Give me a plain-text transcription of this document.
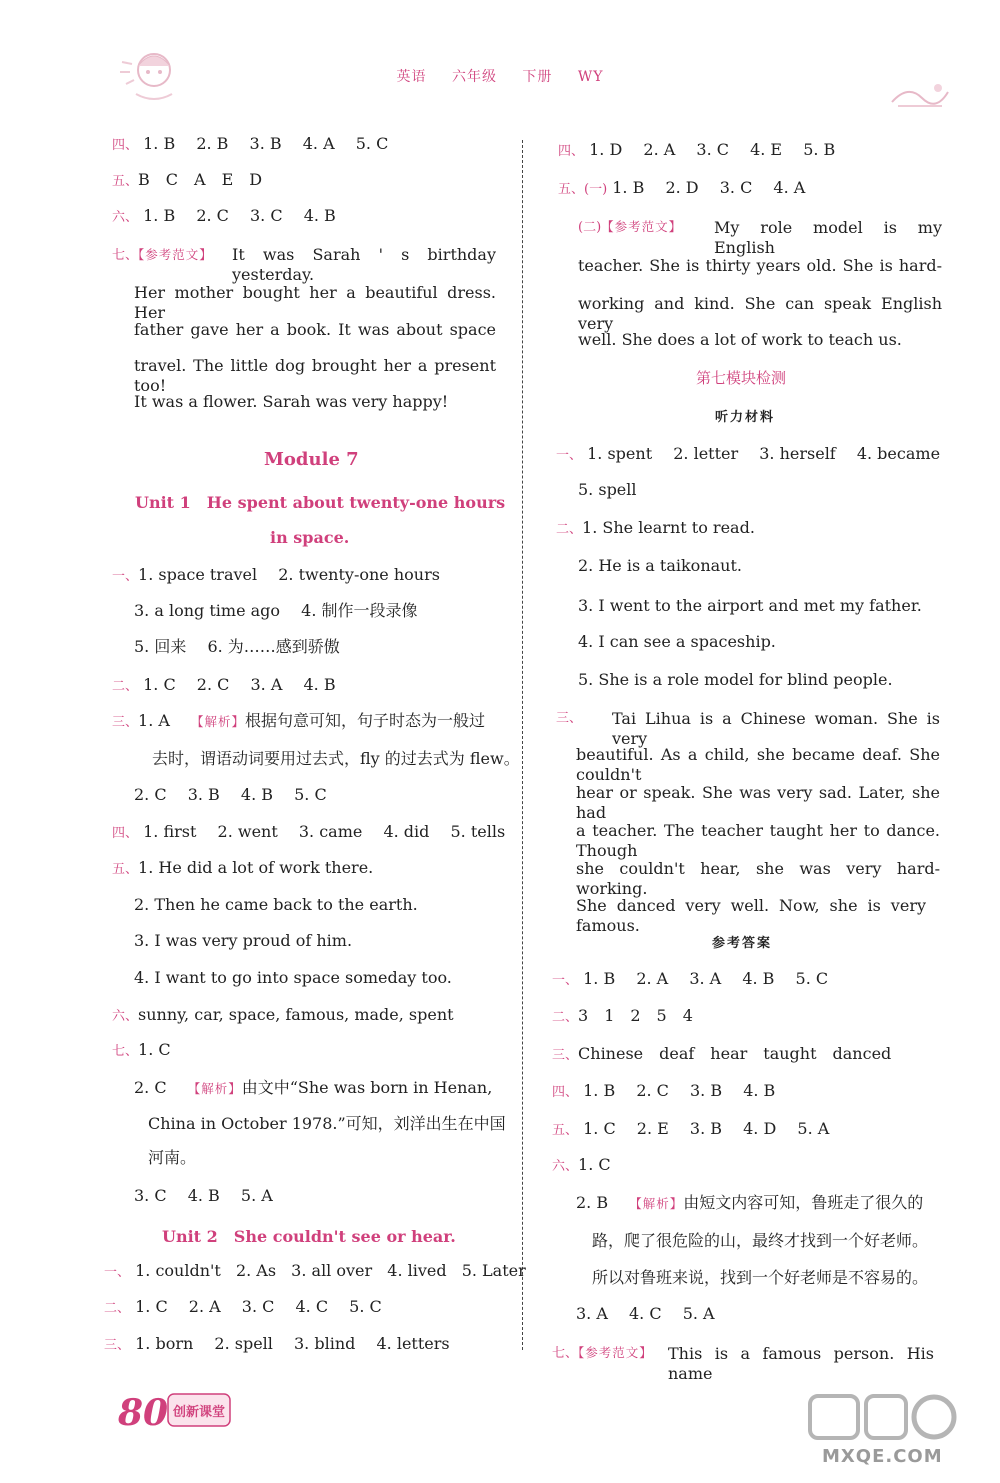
英语 六年级 下册 WY
四、 1. B 2. B 3. B 4. A 5. C
五、B　C　A　E　D
六、 1. B 2. C 3. C 4. B
七、【参考范文】 It was Sarah ' s birthday yesterday.
Her mother bought her a beautiful dress. Her
father gave her a book. It was about space
travel. The little dog brought her a present too!
It was a flower. Sarah was very happy!
Module 7
Unit 1　He spent about twenty-one hours
in space.
一、1. space travel 2. twenty-one hours
3. a long time ago 4. 制作一段录像
5. 回来 6. 为……感到骄傲
二、 1. C 2. C 3. A 4. B
三、1. A 【解析】根据句意可知，句子时态为一般过
去时，谓语动词要用过去式，fly 的过去式为 flew。
2. C 3. B 4. B 5. C
四、 1. first 2. went 3. came 4. did 5. tells
五、1. He did a lot of work there.
2. Then he came back to the earth.
3. I was very proud of him.
4. I want to go into space someday too.
六、sunny, car, space, famous, made, spent
七、1. C
2. C 【解析】由文中“She was born in Henan,
China in October 1978.”可知，刘洋出生在中国
河南。
3. C 4. B 5. A
Unit 2　She couldn't see or hear.
一、 1. couldn't 2. As 3. all over 4. lived 5. Later
二、 1. C 2. A 3. C 4. C 5. C
三、 1. born 2. spell 3. blind 4. letters
四、 1. D 2. A 3. C 4. E 5. B
五、(一) 1. B 2. D 3. C 4. A
(二)【参考范文】 My role model is my English
teacher. She is thirty years old. She is hard-
working and kind. She can speak English very
well. She does a lot of work to teach us.
第七模块检测
听力材料
一、 1. spent 2. letter 3. herself 4. became
5. spell
二、1. She learnt to read.
2. He is a taikonaut.
3. I went to the airport and met my father.
4. I can see a spaceship.
5. She is a role model for blind people.
三、 Tai Lihua is a Chinese woman. She is very
beautiful. As a child, she became deaf. She couldn't
hear or speak. She was very sad. Later, she had
a teacher. The teacher taught her to dance. Though
she couldn't hear, she was very hard-working.
She danced very well. Now, she is very famous.
参考答案
一、 1. B 2. A 3. A 4. B 5. C
二、3　1　2　5　4
三、Chinese　deaf　hear　taught　danced
四、 1. B 2. C 3. B 4. B
五、 1. C 2. E 3. B 4. D 5. A
六、1. C
2. B 【解析】由短文内容可知，鲁班走了很久的
路，爬了很危险的山，最终才找到一个好老师。
所以对鲁班来说，找到一个好老师是不容易的。
3. A 4. C 5. A
七、【参考范文】 This is a famous person. His name
80 创新课堂
MXQE.COM
